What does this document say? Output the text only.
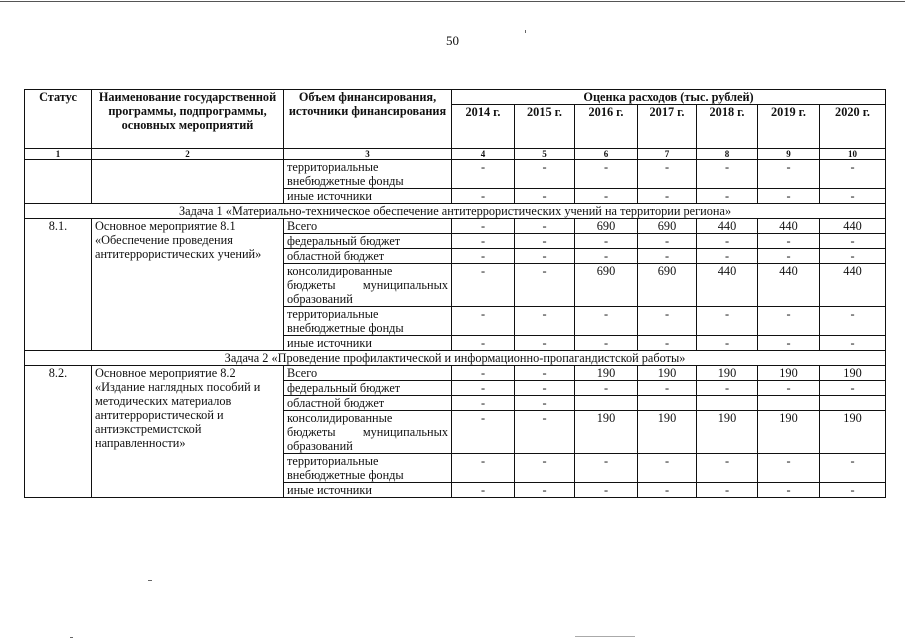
50
Статус	Наименование государственной программы, подпрограммы, основных мероприятий	Объем финансирования, источники финансирования	Оценка расходов (тыс. рублей)						
			2014 г.	2015 г.	2016 г.	2017 г.	2018 г.	2019 г.	2020 г.
1	2	3	4	5	6	7	8	9	10
		территориальные внебюджетные фонды	-	-	-	-	-	-	-
		иные источники	-	-	-	-	-	-	-
Задача 1 «Материально-техническое обеспечение антитеррористических учений на территории региона»									
8.1.	Основное мероприятие 8.1 «Обеспечение проведения антитеррористических учений»	Всего	-	-	690	690	440	440	440
		федеральный бюджет	-	-	-	-	-	-	-
		областной бюджет	-	-	-	-	-	-	-

		консолидированные
бюджеты муниципальных
образований	-	-	690	690	440	440	440
		территориальные внебюджетные фонды	-	-	-	-	-	-	-
		иные источники	-	-	-	-	-	-	-
Задача 2 «Проведение профилактической и информационно-пропагандистской работы»									
8.2.	Основное мероприятие 8.2 «Издание наглядных пособий и методических материалов антитеррористической и антиэкстремистской направленности»	Всего	-	-	190	190	190	190	190
		федеральный бюджет	-	-	-	-	-	-	-
		областной бюджет	-	-					

		консолидированные
бюджеты муниципальных
образований	-	-	190	190	190	190	190
		территориальные внебюджетные фонды	-	-	-	-	-	-	-
		иные источники	-	-	-	-	-	-	-
